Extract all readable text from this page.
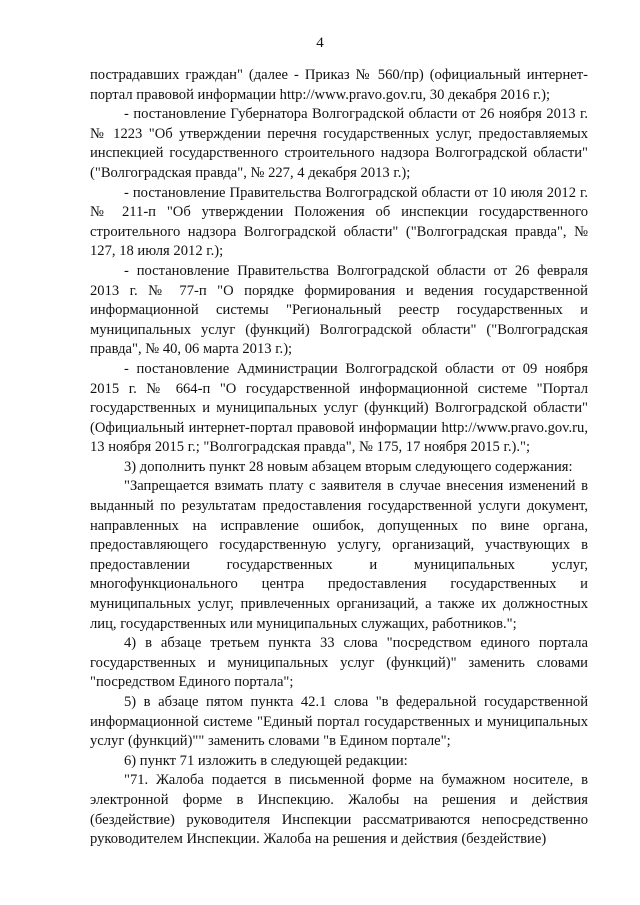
4

пострадавших граждан" (далее - Приказ № 560/пр) (официальный интернет-портал правовой информации http://www.pravo.gov.ru, 30 декабря 2016 г.);

- постановление Губернатора Волгоградской области от 26 ноября 2013 г. № 1223 "Об утверждении перечня государственных услуг, предоставляемых инспекцией государственного строительного надзора Волгоградской области" ("Волгоградская правда", № 227, 4 декабря 2013 г.);

- постановление Правительства Волгоградской области от 10 июля 2012 г. № 211-п "Об утверждении Положения об инспекции государственного строительного надзора Волгоградской области" ("Волгоградская правда", № 127, 18 июля 2012 г.);

- постановление Правительства Волгоградской области от 26 февраля 2013 г. № 77-п "О порядке формирования и ведения государственной информационной системы "Региональный реестр государственных и муниципальных услуг (функций) Волгоградской области" ("Волгоградская правда", № 40, 06 марта 2013 г.);

- постановление Администрации Волгоградской области от 09 ноября 2015 г. № 664-п "О государственной информационной системе "Портал государственных и муниципальных услуг (функций) Волгоградской области" (Официальный интернет-портал правовой информации http://www.pravo.gov.ru, 13 ноября 2015 г.; "Волгоградская правда", № 175, 17 ноября 2015 г.).";

3) дополнить пункт 28 новым абзацем вторым следующего содержания:

"Запрещается взимать плату с заявителя в случае внесения изменений в выданный по результатам предоставления государственной услуги документ, направленных на исправление ошибок, допущенных по вине органа, предоставляющего государственную услугу, организаций, участвующих в предоставлении государственных и муниципальных услуг, многофункционального центра предоставления государственных и муниципальных услуг, привлеченных организаций, а также их должностных лиц, государственных или муниципальных служащих, работников.";

4) в абзаце третьем пункта 33 слова "посредством единого портала государственных и муниципальных услуг (функций)" заменить словами "посредством Единого портала";

5) в абзаце пятом пункта 42.1 слова "в федеральной государственной информационной системе "Единый портал государственных и муниципальных услуг (функций)"" заменить словами "в Едином портале";

6) пункт 71 изложить в следующей редакции:

"71. Жалоба подается в письменной форме на бумажном носителе, в электронной форме в Инспекцию. Жалобы на решения и действия (бездействие) руководителя Инспекции рассматриваются непосредственно руководителем Инспекции. Жалоба на решения и действия (бездействие)
